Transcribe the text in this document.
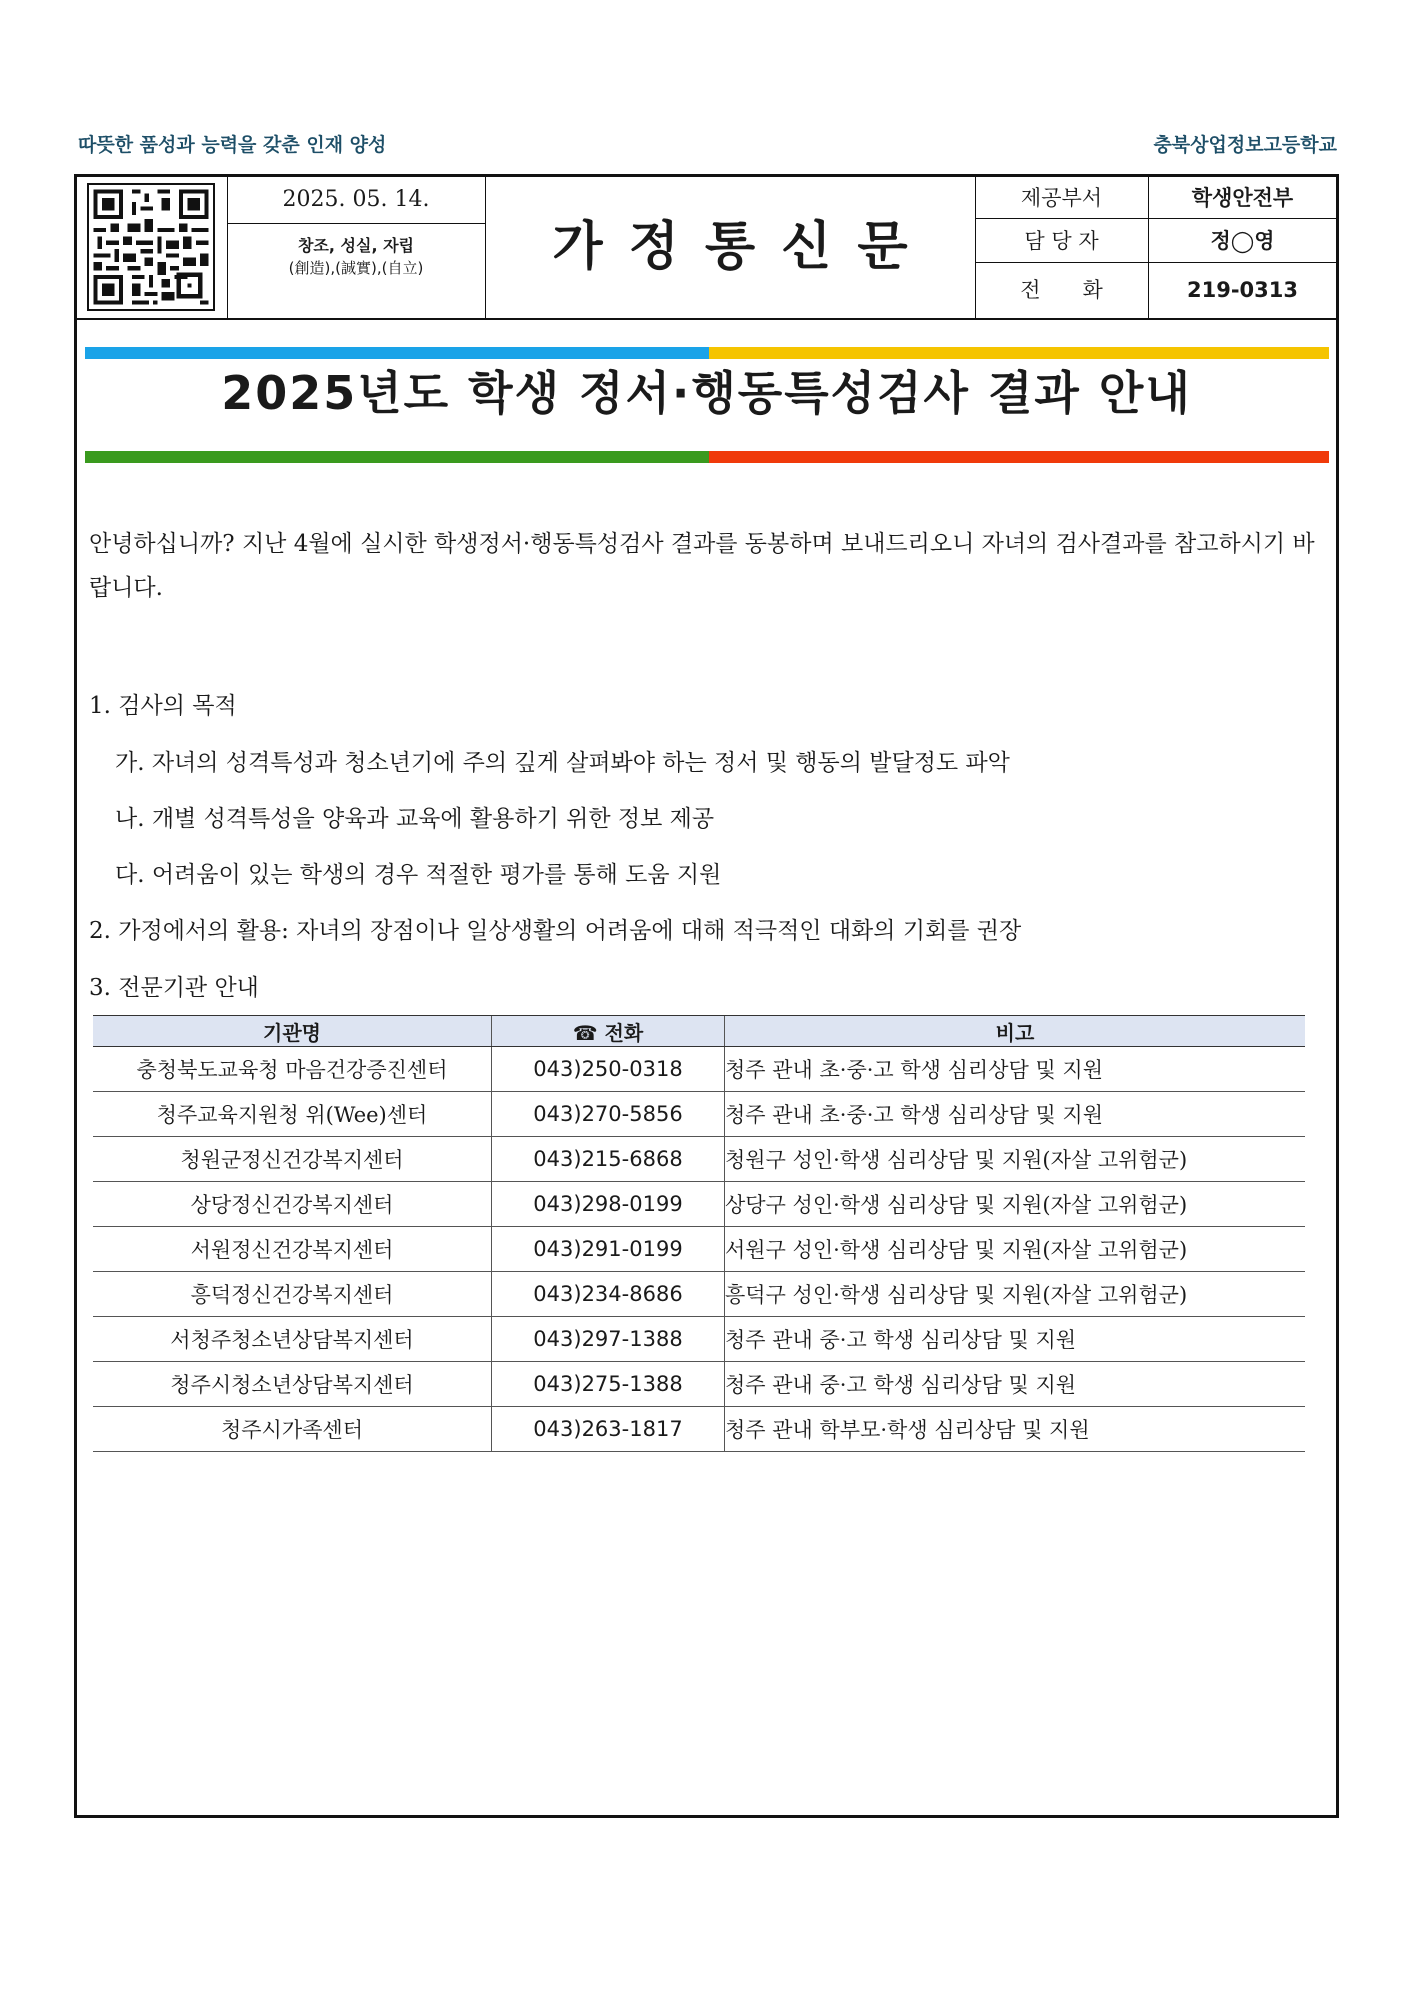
따뜻한 품성과 능력을 갖춘 인재 양성	충북상업정보고등학교
2025. 05. 14.
창조, 성실, 자립
(創造),(誠實),(自立)	가정통신문
제공부서	학생안전부
담 당 자	정◯영
전　　화	219-0313
2025년도 학생 정서·행동특성검사 결과 안내
안녕하십니까? 지난 4월에 실시한 학생정서·행동특성검사 결과를 동봉하며 보내드리오니 자녀의 검사결과를 참고하시기 바랍니다.
1. 검사의 목적
가. 자녀의 성격특성과 청소년기에 주의 깊게 살펴봐야 하는 정서 및 행동의 발달정도 파악
나. 개별 성격특성을 양육과 교육에 활용하기 위한 정보 제공
다. 어려움이 있는 학생의 경우 적절한 평가를 통해 도움 지원
2. 가정에서의 활용: 자녀의 장점이나 일상생활의 어려움에 대해 적극적인 대화의 기회를 권장
3. 전문기관 안내
기관명	☎ 전화	비고
충청북도교육청 마음건강증진센터	043)250-0318	청주 관내 초·중·고 학생 심리상담 및 지원
청주교육지원청 위(Wee)센터	043)270-5856	청주 관내 초·중·고 학생 심리상담 및 지원
청원군정신건강복지센터	043)215-6868	청원구 성인·학생 심리상담 및 지원(자살 고위험군)
상당정신건강복지센터	043)298-0199	상당구 성인·학생 심리상담 및 지원(자살 고위험군)
서원정신건강복지센터	043)291-0199	서원구 성인·학생 심리상담 및 지원(자살 고위험군)
흥덕정신건강복지센터	043)234-8686	흥덕구 성인·학생 심리상담 및 지원(자살 고위험군)
서청주청소년상담복지센터	043)297-1388	청주 관내 중·고 학생 심리상담 및 지원
청주시청소년상담복지센터	043)275-1388	청주 관내 중·고 학생 심리상담 및 지원
청주시가족센터	043)263-1817	청주 관내 학부모·학생 심리상담 및 지원
